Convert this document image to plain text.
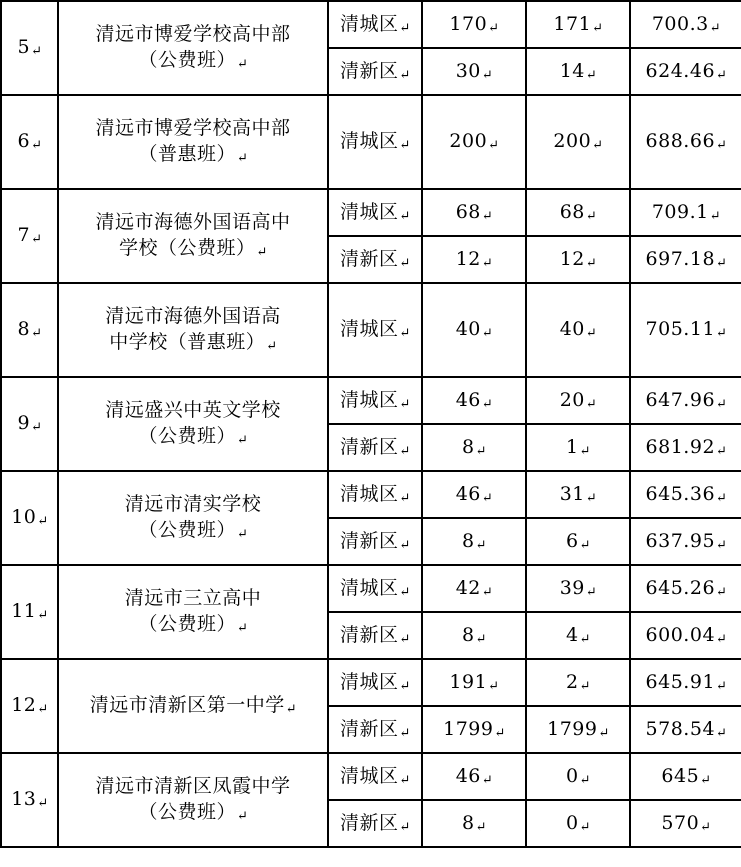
5↵	清远市博爱学校高中部
（公费班）↵	清城区↵	170↵	171↵	700.3↵
		清新区↵	30↵	14↵	624.46↵
6↵	清远市博爱学校高中部
（普惠班）↵	清城区↵	200↵	200↵	688.66↵
7↵	清远市海德外国语高中
学校（公费班）↵	清城区↵	68↵	68↵	709.1↵
		清新区↵	12↵	12↵	697.18↵
8↵	清远市海德外国语高
中学校（普惠班）↵	清城区↵	40↵	40↵	705.11↵
9↵	清远盛兴中英文学校
（公费班）↵	清城区↵	46↵	20↵	647.96↵
		清新区↵	8↵	1↵	681.92↵
10↵	清远市清实学校
（公费班）↵	清城区↵	46↵	31↵	645.36↵
		清新区↵	8↵	6↵	637.95↵
11↵	清远市三立高中
（公费班）↵	清城区↵	42↵	39↵	645.26↵
		清新区↵	8↵	4↵	600.04↵
12↵	清远市清新区第一中学↵	清城区↵	191↵	2↵	645.91↵
		清新区↵	1799↵	1799↵	578.54↵
13↵	清远市清新区凤霞中学
（公费班）↵	清城区↵	46↵	0↵	645↵
		清新区↵	8↵	0↵	570↵
